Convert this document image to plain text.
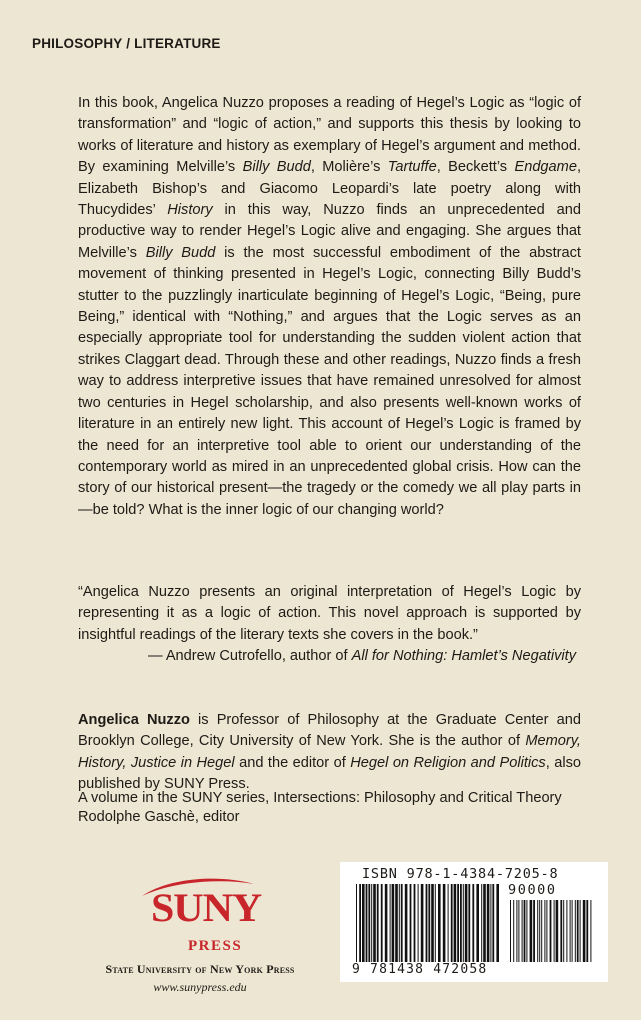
PHILOSOPHY / LITERATURE

In this book, Angelica Nuzzo proposes a reading of Hegel’s Logic as “logic of transformation” and “logic of action,” and supports this thesis by looking to works of literature and history as exemplary of Hegel’s argument and method. By examining Melville’s Billy Budd, Molière’s Tartuffe, Beckett’s Endgame, Elizabeth Bishop’s and Giacomo Leopardi’s late poetry along with Thucydides’ History in this way, Nuzzo finds an unprecedented and productive way to render Hegel’s Logic alive and engaging. She argues that Melville’s Billy Budd is the most successful embodiment of the abstract movement of thinking presented in Hegel’s Logic, connecting Billy Budd’s stutter to the puzzlingly inarticulate beginning of Hegel’s Logic, “Being, pure Being,” identical with “Nothing,” and argues that the Logic serves as an especially appropriate tool for understanding the sudden violent action that strikes Claggart dead. Through these and other readings, Nuzzo finds a fresh way to address interpretive issues that have remained unresolved for almost two centuries in Hegel scholarship, and also presents well-known works of literature in an entirely new light. This account of Hegel’s Logic is framed by the need for an interpretive tool able to orient our understanding of the contemporary world as mired in an unprecedented global crisis. How can the story of our historical present—the tragedy or the comedy we all play parts in—be told? What is the inner logic of our changing world?

“Angelica Nuzzo presents an original interpretation of Hegel’s Logic by representing it as a logic of action. This novel approach is supported by insightful readings of the literary texts she covers in the book.”

— Andrew Cutrofello, author of All for Nothing: Hamlet’s Negativity

Angelica Nuzzo is Professor of Philosophy at the Graduate Center and Brooklyn College, City University of New York. She is the author of Memory, History, Justice in Hegel and the editor of Hegel on Religion and Politics, also published by SUNY Press.

A volume in the SUNY series, Intersections: Philosophy and Critical Theory
Rodolphe Gaschè, editor

SUNY
PRESS
State University of New York Press
www.sunypress.edu
ISBN 978-1-4384-7205-8
90000
9 781438 472058
